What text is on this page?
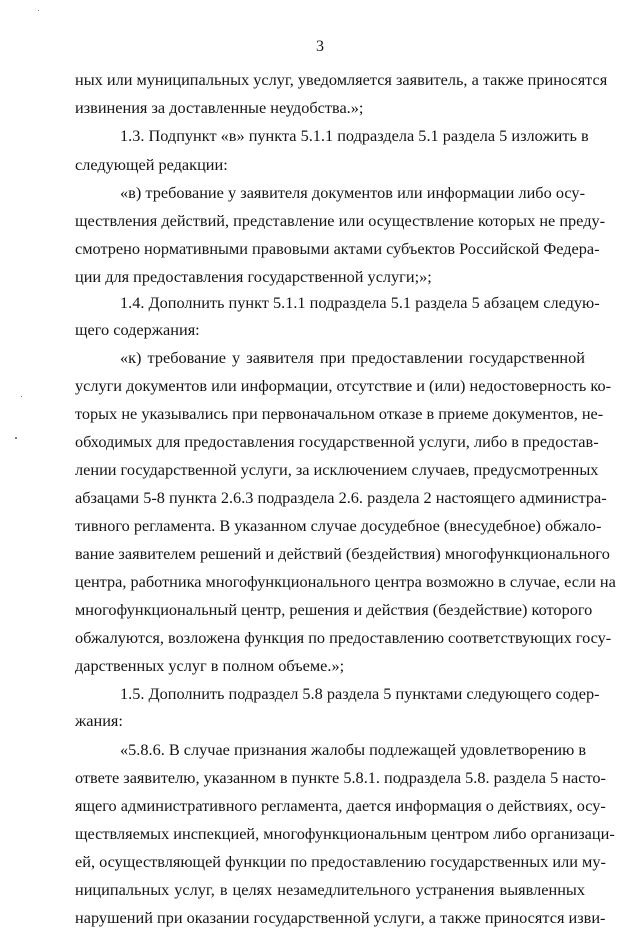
3
ных или муниципальных услуг, уведомляется заявитель, а также приносятся
извинения за доставленные неудобства.»;
1.3. Подпункт «в» пункта 5.1.1 подраздела 5.1 раздела 5 изложить в
следующей редакции:
«в) требование у заявителя документов или информации либо осу-
ществления действий, представление или осуществление которых не преду-
смотрено нормативными правовыми актами субъектов Российской Федера-
ции для предоставления государственной услуги;»;
1.4. Дополнить пункт 5.1.1 подраздела 5.1 раздела 5 абзацем следую-
щего содержания:
«к) требование у заявителя при предоставлении государственной
услуги документов или информации, отсутствие и (или) недостоверность ко-
торых не указывались при первоначальном отказе в приеме документов, не-
обходимых для предоставления государственной услуги, либо в предостав-
лении государственной услуги, за исключением случаев, предусмотренных
абзацами 5-8 пункта 2.6.3 подраздела 2.6. раздела 2 настоящего администра-
тивного регламента. В указанном случае досудебное (внесудебное) обжало-
вание заявителем решений и действий (бездействия) многофункционального
центра, работника многофункционального центра возможно в случае, если на
многофункциональный центр, решения и действия (бездействие) которого
обжалуются, возложена функция по предоставлению соответствующих госу-
дарственных услуг в полном объеме.»;
1.5. Дополнить подраздел 5.8 раздела 5 пунктами следующего содер-
жания:
«5.8.6. В случае признания жалобы подлежащей удовлетворению в
ответе заявителю, указанном в пункте 5.8.1. подраздела 5.8. раздела 5 насто-
ящего административного регламента, дается информация о действиях, осу-
ществляемых инспекцией, многофункциональным центром либо организаци-
ей, осуществляющей функции по предоставлению государственных или му-
ниципальных услуг, в целях незамедлительного устранения выявленных
нарушений при оказании государственной услуги, а также приносятся изви-
